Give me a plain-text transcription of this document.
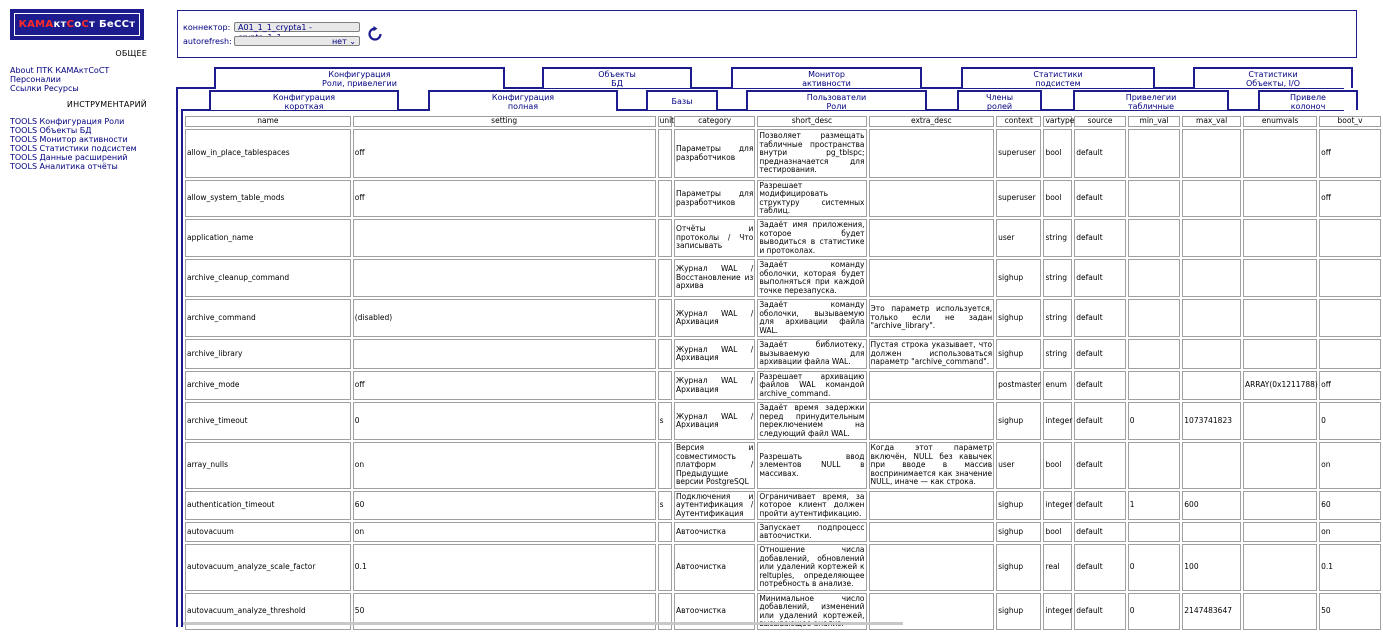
КАМА кт С о С т Бе ССт
ОБЩЕЕ
About ПТК КАМАктСоСТ
Персоналии
Ссылки Ресурсы
ИНСТРУМЕНТАРИЙ
TOOLS Конфигурация Роли
TOOLS Объекты БД
TOOLS Монитор активности
TOOLS Статистики подсистем
TOOLS Данные расширений
TOOLS Аналитика отчёты
коннектор: A01_1_1_crypta1 -
autorefresh:	нет ⌄
Конфигурация
Роли, привелегии
Объекты
БД
Монитор
активности
Статистики
подсистем
Статистики
Объекты, I/O
Конфигурация
короткая
Конфигурация
полная
Базы	Пользователи
Роли
Члены
ролей
Привелегии
табличные
Привеле
колоноч
name	setting	unit	category	short_desc	extra_desc	context	vartype	source	min_val	max_val	enumvals	boot_v
allow_in_place_tablespaces	off		Параметры для разработчиков	Позволяет размещать табличные пространства внутри pg_tblspc; предназначается для тестирования.		superuser	bool	default				off
allow_system_table_mods	off		Параметры для разработчиков	Разрешает модифицировать структуру системных таблиц.		superuser	bool	default				off
application_name			Отчёты и протоколы / Что записывать	Задаёт имя приложения, которое будет выводиться в статистике и протоколах.		user	string	default				
archive_cleanup_command			Журнал WAL / Восстановление из архива	Задаёт команду оболочки, которая будет выполняться при каждой точке перезапуска.		sighup	string	default				
archive_command	(disabled)		Журнал WAL / Архивация	Задаёт команду оболочки, вызываемую для архивации файла WAL.	Это параметр используется, только если не задан "archive_library".	sighup	string	default				
archive_library			Журнал WAL / Архивация	Задаёт библиотеку, вызываемую для архивации файла WAL.	Пустая строка указывает, что должен использоваться параметр "archive_command".	sighup	string	default				
archive_mode	off		Журнал WAL / Архивация	Разрешает архивацию файлов WAL командой archive_command.		postmaster	enum	default			ARRAY(0x1211788)	off
archive_timeout	0	s	Журнал WAL / Архивация	Задаёт время задержки перед принудительным переключением на следующий файл WAL.		sighup	integer	default	0	1073741823		0
array_nulls	on		Версия и совместимость платформ / Предыдущие версии PostgreSQL	Разрешать ввод элементов NULL в массивах.	Когда этот параметр включён, NULL без кавычек при вводе в массив воспринимается как значение NULL, иначе — как строка.	user	bool	default				on
authentication_timeout	60	s	Подключения и аутентификация / Аутентификация	Ограничивает время, за которое клиент должен пройти аутентификацию.		sighup	integer	default	1	600		60
autovacuum	on		Автоочистка	Запускает подпроцесс автоочистки.		sighup	bool	default				on
autovacuum_analyze_scale_factor	0.1		Автоочистка	Отношение числа добавлений, обновлений или удалений кортежей к reltuples, определяющее потребность в анализе.		sighup	real	default	0	100		0.1
autovacuum_analyze_threshold	50		Автоочистка	Минимальное число добавлений, изменений или удалений кортежей,		sighup	integer	default	0	2147483647		50
